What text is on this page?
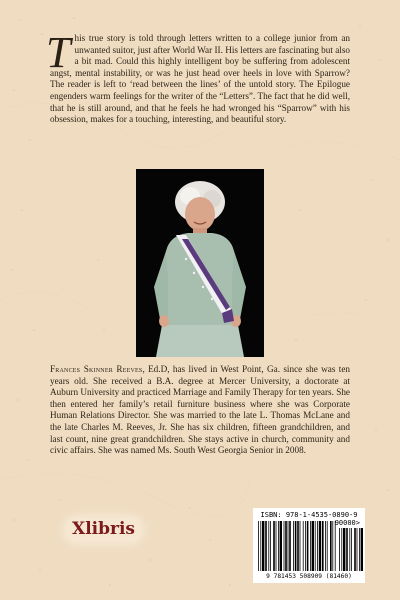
This true story is told through letters written to a college junior from an unwanted suitor, just after World War II. His letters are fascinating but also a bit mad. Could this highly intelligent boy be suffering from adolescent angst, mental instability, or was he just head over heels in love with Sparrow? The reader is left to ‘read between the lines’ of the untold story. The Epilogue engenders warm feelings for the writer of the “Letters”. The fact that he did well, that he is still around, and that he feels he had wronged his “Sparrow” with his obsession, makes for a touching, interesting, and beautiful story.
Frances Skinner Reeves, Ed.D, has lived in West Point, Ga. since she was ten years old. She received a B.A. degree at Mercer University, a doctorate at Auburn University and practiced Marriage and Family Therapy for ten years. She then entered her family’s retail furniture business where she was Corporate Human Relations Director. She was married to the late L. Thomas McLane and the late Charles M. Reeves, Jr. She has six children, fifteen grandchildren, and last count, nine great grandchildren. She stays active in church, community and civic affairs. She was named Ms. South West Georgia Senior in 2008.
Xlibris
ISBN: 978-1-4535-0890-9
90000>
9 781453 508909 (81460)
